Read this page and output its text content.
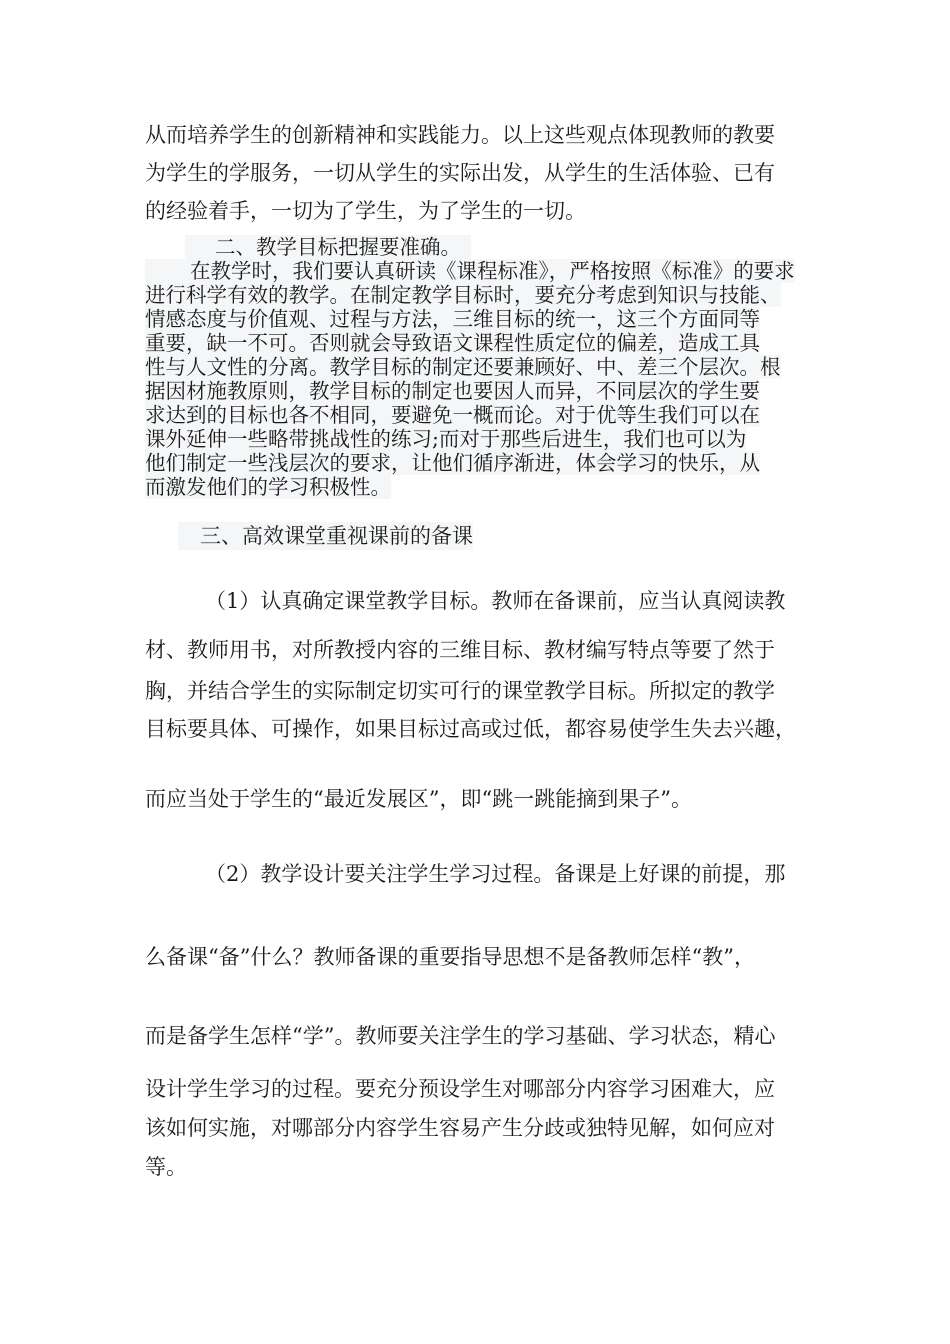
从而培养学生的创新精神和实践能力。以上这些观点体现教师的教要
为学生的学服务，一切从学生的实际出发，从学生的生活体验、已有
的经验着手，一切为了学生，为了学生的一切。
二、教学目标把握要准确。
在教学时，我们要认真研读《课程标准》，严格按照《标准》的要求
进行科学有效的教学。在制定教学目标时，要充分考虑到知识与技能、
情感态度与价值观、过程与方法，三维目标的统一，这三个方面同等
重要，缺一不可。否则就会导致语文课程性质定位的偏差，造成工具
性与人文性的分离。教学目标的制定还要兼顾好、中、差三个层次。根
据因材施教原则，教学目标的制定也要因人而异，不同层次的学生要
求达到的目标也各不相同，要避免一概而论。对于优等生我们可以在
课外延伸一些略带挑战性的练习;而对于那些后进生，我们也可以为
他们制定一些浅层次的要求，让他们循序渐进，体会学习的快乐，从
而激发他们的学习积极性。
三、高效课堂重视课前的备课
（1）认真确定课堂教学目标。教师在备课前，应当认真阅读教
材、教师用书，对所教授内容的三维目标、教材编写特点等要了然于
胸，并结合学生的实际制定切实可行的课堂教学目标。所拟定的教学
目标要具体、可操作，如果目标过高或过低，都容易使学生失去兴趣，
而应当处于学生的“最近发展区”，即“跳一跳能摘到果子”。
（2）教学设计要关注学生学习过程。备课是上好课的前提，那
么备课“备”什么？教师备课的重要指导思想不是备教师怎样“教”，
而是备学生怎样“学”。教师要关注学生的学习基础、学习状态，精心
设计学生学习的过程。要充分预设学生对哪部分内容学习困难大，应
该如何实施，对哪部分内容学生容易产生分歧或独特见解，如何应对
等。
